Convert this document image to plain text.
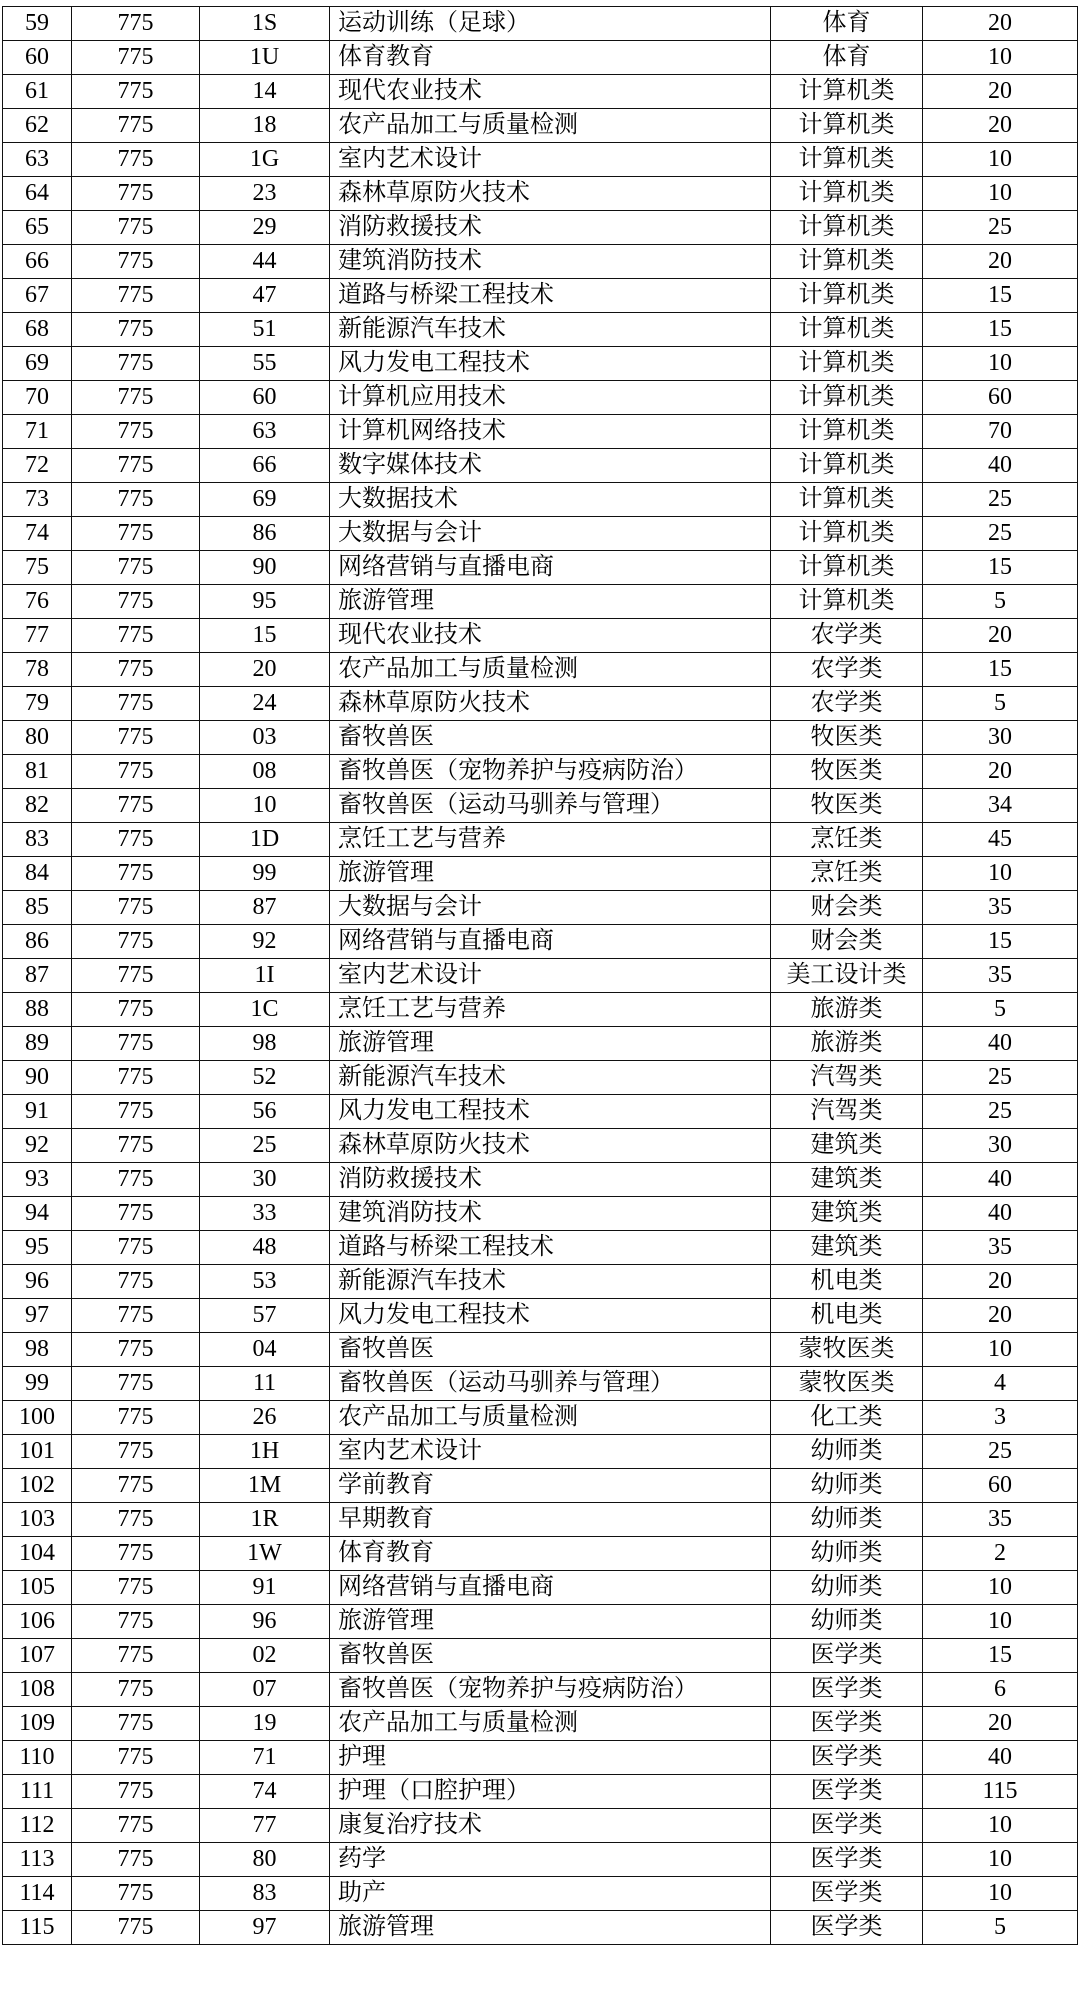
59	775	1S	运动训练（足球）	体育	20
60	775	1U	体育教育	体育	10
61	775	14	现代农业技术	计算机类	20
62	775	18	农产品加工与质量检测	计算机类	20
63	775	1G	室内艺术设计	计算机类	10
64	775	23	森林草原防火技术	计算机类	10
65	775	29	消防救援技术	计算机类	25
66	775	44	建筑消防技术	计算机类	20
67	775	47	道路与桥梁工程技术	计算机类	15
68	775	51	新能源汽车技术	计算机类	15
69	775	55	风力发电工程技术	计算机类	10
70	775	60	计算机应用技术	计算机类	60
71	775	63	计算机网络技术	计算机类	70
72	775	66	数字媒体技术	计算机类	40
73	775	69	大数据技术	计算机类	25
74	775	86	大数据与会计	计算机类	25
75	775	90	网络营销与直播电商	计算机类	15
76	775	95	旅游管理	计算机类	5
77	775	15	现代农业技术	农学类	20
78	775	20	农产品加工与质量检测	农学类	15
79	775	24	森林草原防火技术	农学类	5
80	775	03	畜牧兽医	牧医类	30
81	775	08	畜牧兽医（宠物养护与疫病防治）	牧医类	20
82	775	10	畜牧兽医（运动马驯养与管理）	牧医类	34
83	775	1D	烹饪工艺与营养	烹饪类	45
84	775	99	旅游管理	烹饪类	10
85	775	87	大数据与会计	财会类	35
86	775	92	网络营销与直播电商	财会类	15
87	775	1I	室内艺术设计	美工设计类	35
88	775	1C	烹饪工艺与营养	旅游类	5
89	775	98	旅游管理	旅游类	40
90	775	52	新能源汽车技术	汽驾类	25
91	775	56	风力发电工程技术	汽驾类	25
92	775	25	森林草原防火技术	建筑类	30
93	775	30	消防救援技术	建筑类	40
94	775	33	建筑消防技术	建筑类	40
95	775	48	道路与桥梁工程技术	建筑类	35
96	775	53	新能源汽车技术	机电类	20
97	775	57	风力发电工程技术	机电类	20
98	775	04	畜牧兽医	蒙牧医类	10
99	775	11	畜牧兽医（运动马驯养与管理）	蒙牧医类	4
100	775	26	农产品加工与质量检测	化工类	3
101	775	1H	室内艺术设计	幼师类	25
102	775	1M	学前教育	幼师类	60
103	775	1R	早期教育	幼师类	35
104	775	1W	体育教育	幼师类	2
105	775	91	网络营销与直播电商	幼师类	10
106	775	96	旅游管理	幼师类	10
107	775	02	畜牧兽医	医学类	15
108	775	07	畜牧兽医（宠物养护与疫病防治）	医学类	6
109	775	19	农产品加工与质量检测	医学类	20
110	775	71	护理	医学类	40
111	775	74	护理（口腔护理）	医学类	115
112	775	77	康复治疗技术	医学类	10
113	775	80	药学	医学类	10
114	775	83	助产	医学类	10
115	775	97	旅游管理	医学类	5
